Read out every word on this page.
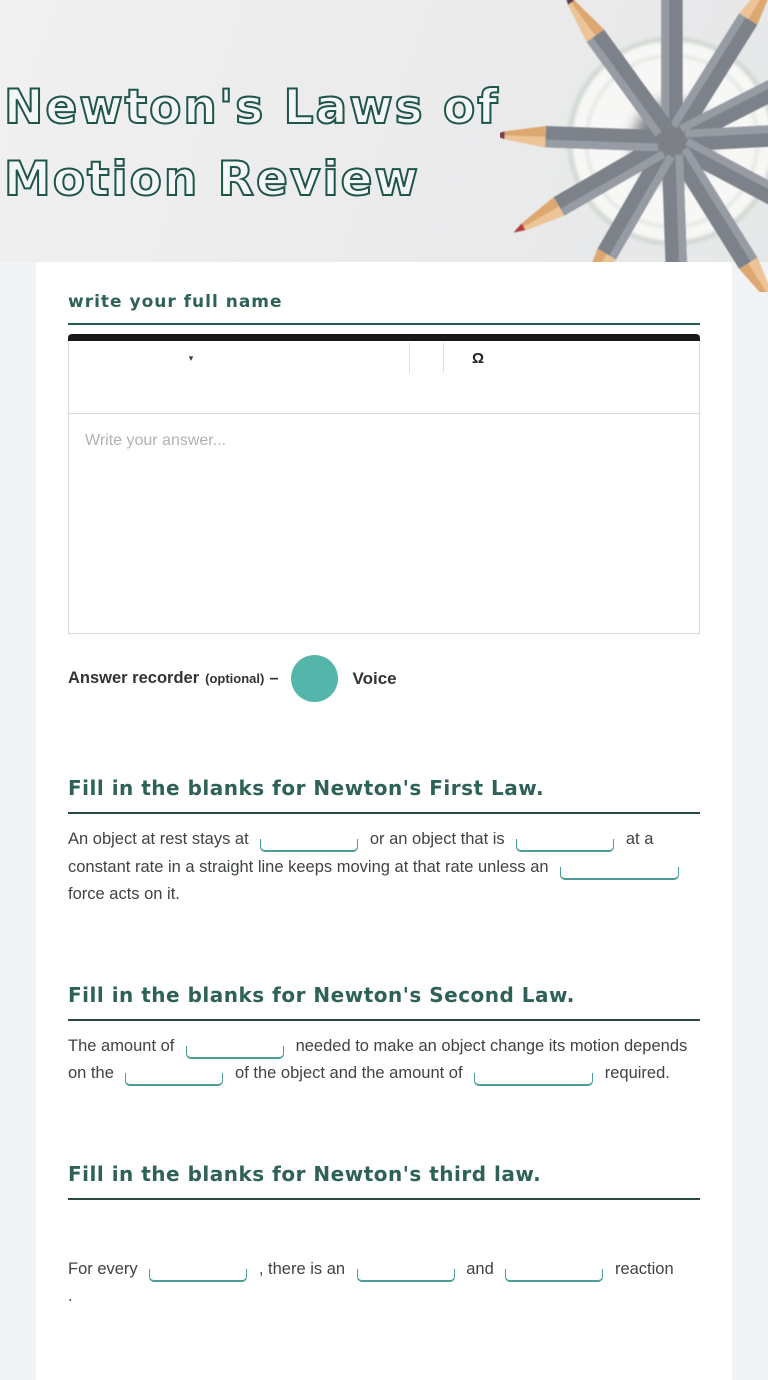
Newton's Laws of
Motion Review
write your full name
▾	Ω
Write your answer...
Answer recorder (optional) –	Voice
Fill in the blanks for Newton's First Law.

An object at rest stays at	or an object that is	at a constant rate in a straight line keeps moving at that rate unless an  force acts on it.

Fill in the blanks for Newton's Second Law.

The amount of	needed to make an object change its motion depends on the	of the object and the amount of	required.

Fill in the blanks for Newton's third law.

For every	, there is an	and	reaction
.
